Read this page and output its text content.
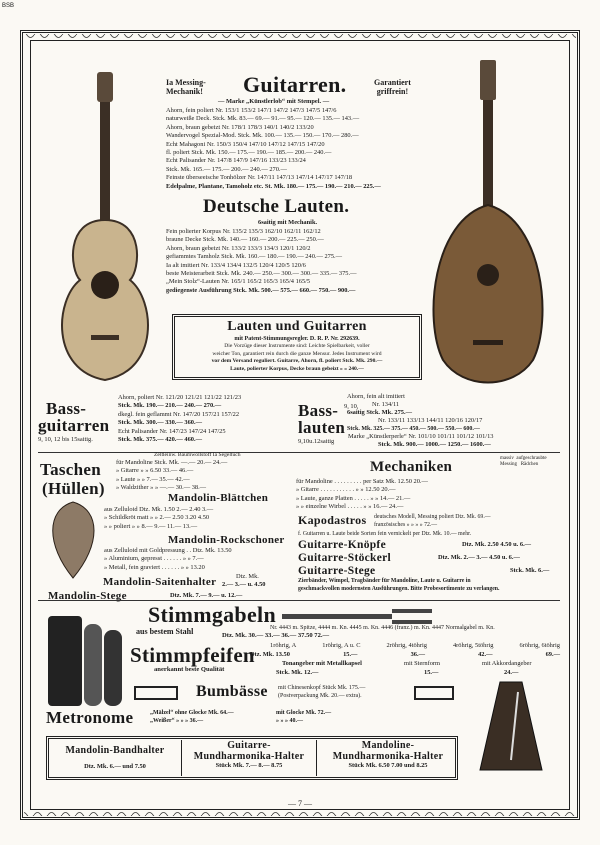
BSB
Ia Messing-
Mechanik! Guitarren.	Garantiert
griffrein!
— Marke „Künstlerlob“ mit Stempel. —
Ahorn, fein poliert Nr. 153/1 153/2 147/1 147/2 147/3 147/5 147/6
naturweiße Deck. Stck. Mk. 83.— 69.— 91.— 95.— 120.— 135.— 143.—
Ahorn, braun gebeizt Nr. 178/1 178/3 140/1 140/2 133/20
Wandervogel Spezial-Mod. Stck. Mk. 100.— 135.— 150.— 170.— 280.—
Echt Mahagoni Nr. 150/3 150/4 147/10 147/12 147/15 147/20
fl. poliert Stck. Mk. 150.— 175.— 190.— 185.— 200.— 240.—
Echt Palisander Nr. 147/8 147/9 147/16 133/23 133/24
Stck. Mk. 165.— 175.— 200.— 240.— 270.—
Feinste überseeische Tonhölzer Nr. 147/11 147/13 147/14 147/17 147/18
Edelpalme, Plantane, Tamoholz etc. St. Mk. 180.— 175.— 190.— 210.— 225.—
Deutsche Lauten.
6saitig mit Mechanik.
Fein polierter Korpus Nr. 135/2 135/3 162/10 162/11 162/12
braune Decke Stck. Mk. 140.— 160.— 200.— 225.— 250.—
Ahorn, braun gebeizt Nr. 133/2 133/3 134/3 120/1 120/2
gefiammtes Tamholz Stck. Mk. 160.— 180.— 190.— 240.— 275.—
Ia alt imitiert Nr. 133/4 134/4 132/5 120/4 120/5 120/6
beste Meisterarbeit Stck. Mk. 240.— 250.— 300.— 300.— 335.— 375.—
„Mein Stolz“-Lauten Nr. 165/1 165/2 165/3 165/4 165/5
gediegenste Ausführung Stck. Mk. 500.— 575.— 660.— 750.— 900.—
Lauten und Guitarren
mit Patent-Stimmungsregler. D. R. P. Nr. 292639.
Die Vorzüge dieser Instrumente sind: Leichte Spielbarkeit, voller
weicher Ton, garantiert rein durch die ganze Mensur. Jedes Instrument wird
vor dem Versand reguliert. Guitarre, Ahorn, fl. poliert Stck. Mk. 290.—
Laute, polierter Korpus, Decke braun gebeizt » » 240.—
Bass-
guitarren
9, 10, 12 bis 15saitig.
Ahorn, poliert Nr. 121/20 121/21 121/22 121/23
Stck. Mk. 190.— 210.— 240.— 270.—
dkegl. fein geflammt Nr. 147/20 157/21 157/22
Stck. Mk. 300.— 330.— 360.—
Echt Palisander Nr. 147/23 147/24 147/25
Stck. Mk. 375.— 420.— 460.—
Bass-
lauten
9, 10,
9,10u.12saitig
Ahorn, fein alt imitiert
Nr. 134/11
6saitig Stck. Mk. 275.—
Nr. 133/11 133/13 144/11 120/16 120/17
Stck. Mk. 325.— 375.— 450.— 500.— 550.— 600.—
Marke „Künstlerperle“ Nr. 101/10 101/11 101/12 101/13
Stck. Mk. 900.— 1000.— 1250.— 1600.—
Taschen
(Hüllen)
Zeltleinw. Baumwollstoff Ia Segeltuch
für Mandoline Stck. Mk. —.— 20.— 24.—
» Gitarre » » 6.50 33.— 46.—
» Laute » » 7.— 35.— 42.—
» Waldzither » » —.— 30.— 38.—
Mandolin-Blättchen
aus Zelluloid Dtz. Mk. 1.50 2.— 2.40 3.—
» Schildkröt matt » » 2.— 2.50 3.20 4.50
» » poliert » » 8.— 9.— 11.— 13.—
Mandolin-Rockschoner
aus Zelluloid mit Goldpressung . . Dtz. Mk. 13.50
» Aluminium, gepresst . . . . . . » » 7.—
» Metall, fein graviert . . . . . . » » 13.20
Mandolin-Saitenhalter	Dtz. Mk.
2.— 3.— u. 4.50
Mandolin-Stege	Dtz. Mk. 7.— 9.— u. 12.—
Mechaniken
massiv  aufgeschraubte
Messing   Rädchen
für Mandoline . . . . . . . . . per Satz Mk. 12.50 20.—
» Gitarre . . . . . . . . . . . » » 12.50 20.—
» Laute, ganze Platten . . . . . » » 14.— 21.—
» » einzelne Wirbel . . . . . » » 16.— 24.—
Kapodastros deutsches Modell, Messing poliert Dtz. Mk. 69.—
französisches » » » » 72.—
f. Guitarren u. Laute beide Sorten fein vernickelt per Dtz. Mk. 10.— mehr.
Guitarre-Knöpfe	Dtz. Mk. 2.50 4.50 u. 6.—
Guitarre-Stöckerl	Dtz. Mk. 2.— 3.— 4.50 u. 6.—
Guitarre-Stege	Stck. Mk. 6.—
Zierbänder, Wimpel, Tragbänder für Mandoline, Laute u. Guitarre in
geschmackvollen modernsten Ausführungen. Bitte Probesortimente zu verlangen.
Stimmgabeln
aus bestem Stahl	Nr. 4443 m. Spitze, 4444 m. Kn. 4445 m. Kn. 4446 (franz.) m. Kn. 4447 Normalgabel m. Kn.
Dtz. Mk. 30.— 33.— 36.— 37.50 72.—
Stimmpfeifen
anerkannt beste Qualität
1röhrig, A	1röhrig, A u. C	2röhrig, 4töhrig	4röhrig, 5töhrig	6röhrig, 6töhrig
Dtz. Mk. 13.50	15.—	36.—	42.—	69.—
Tonangeber mit Metallkapsel	mit Sternform	mit Akkordangeber
Stck. Mk. 12.—	15.—	24.—
Bumbässe mit Chinesenkopf Stück Mk. 175.—
(Postverpackung Mk. 20.— extra).
Metronome	„Mälzel“ ohne Glocke Mk. 64.—
„Weißer“ » » » 36.—
mit Glocke Mk. 72.—
» » » 40.—
Mandolin-Bandhalter
Dtz. Mk. 6.— und 7.50
Guitarre-
Mundharmonika-Halter
Stück Mk. 7.— 8.— 8.75
Mandoline-
Mundharmonika-Halter
Stück Mk. 6.50 7.00 und 8.25
— 7 —
